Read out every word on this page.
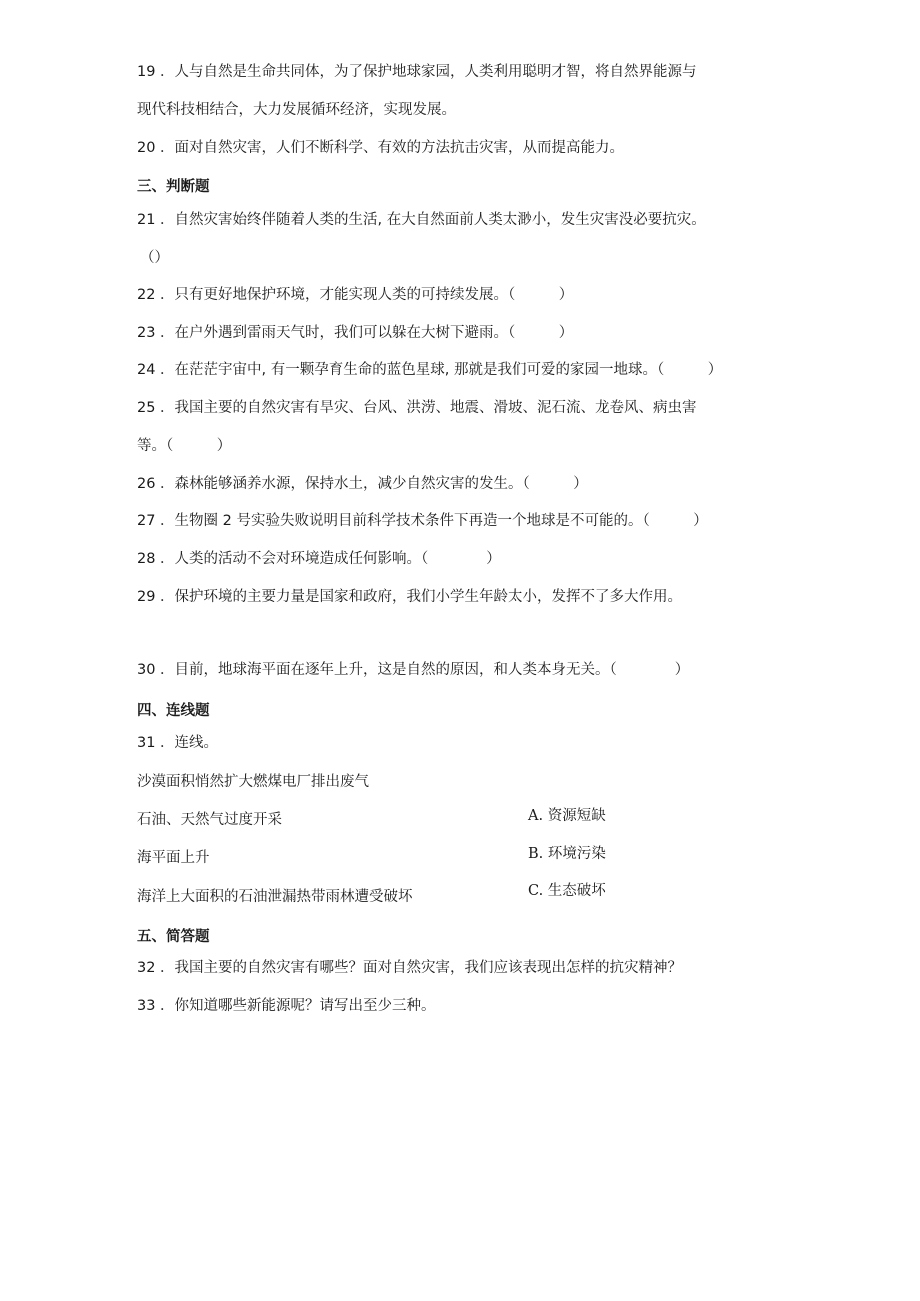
19 ．人与自然是生命共同体，为了保护地球家园，人类利用聪明才智，将自然界能源与
现代科技相结合，大力发展循环经济，实现发展。
20 ．面对自然灾害，人们不断科学、有效的方法抗击灾害，从而提高能力。
三、判断题
21 ．自然灾害始终伴随着人类的生活, 在大自然面前人类太渺小，发生灾害没必要抗灾。
（）
22 ．只有更好地保护环境，才能实现人类的可持续发展。（　　　）
23 ．在户外遇到雷雨天气时，我们可以躲在大树下避雨。（　　　）
24 ．在茫茫宇宙中, 有一颗孕育生命的蓝色星球, 那就是我们可爱的家园一地球。（　　　）
25 ．我国主要的自然灾害有旱灾、台风、洪涝、地震、滑坡、泥石流、龙卷风、病虫害
等。（　　　）
26 ．森林能够涵养水源，保持水土，减少自然灾害的发生。（　　　）
27 ．生物圈 2 号实验失败说明目前科学技术条件下再造一个地球是不可能的。（　　　）
28 ．人类的活动不会对环境造成任何影响。（　　　　）
29 ．保护环境的主要力量是国家和政府，我们小学生年龄太小，发挥不了多大作用。
30 ．目前，地球海平面在逐年上升，这是自然的原因，和人类本身无关。（　　　　）
四、连线题
31 ．连线。
沙漠面积悄然扩大燃煤电厂排出废气
石油、天然气过度开采
海平面上升
海洋上大面积的石油泄漏热带雨林遭受破坏
A. 资源短缺
B. 环境污染
C. 生态破坏
五、简答题
32 ．我国主要的自然灾害有哪些？面对自然灾害，我们应该表现出怎样的抗灾精神？
33 ．你知道哪些新能源呢？请写出至少三种。
